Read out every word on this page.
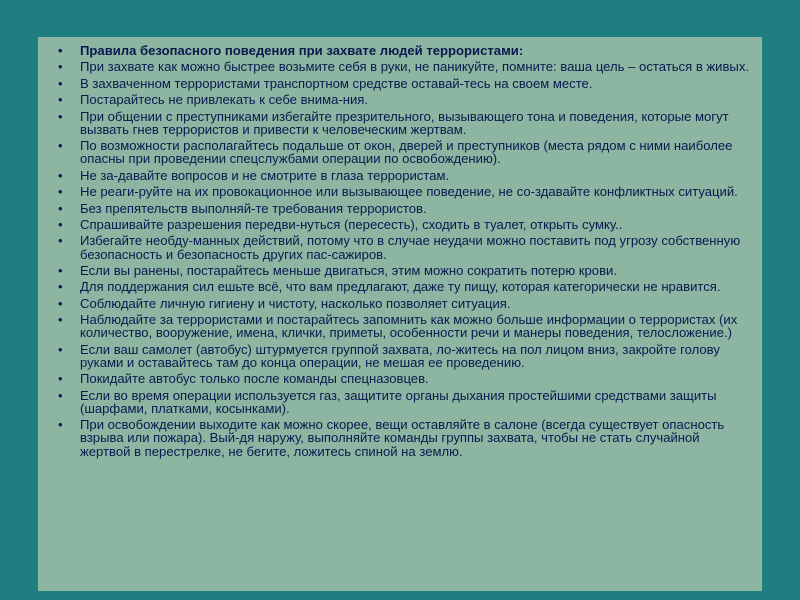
• Правила безопасного поведения при захвате людей террористами:
• При захвате как можно быстрее возьмите себя в руки, не паникуйте, помните: ваша цель – остаться в живых.
• В захваченном террористами транспортном средстве оставай-тесь на своем месте.
• Постарайтесь не привлекать к себе внима-ния.
• При общении с преступниками избегайте презрительного, вызывающего тона и поведения, которые могут вызвать гнев террористов и привести к человеческим жертвам.
• По возможности располагайтесь подальше от окон, дверей и преступников (места рядом с ними наиболее опасны при проведении спецслужбами операции по освобождению).
• Не за-давайте вопросов и не смотрите в глаза террористам.
• Не реаги-руйте на их провокационное или вызывающее поведение, не со-здавайте конфликтных ситуаций.
• Без препятельств выполняй-те требования террористов.
• Спрашивайте разрешения передви-нуться (пересесть), сходить в туалет, открыть сумку..
• Избегайте необду-манных действий, потому что в случае неудачи можно поставить под угрозу собственную безопасность и безопасность других пас-сажиров.
• Если вы ранены, постарайтесь меньше двигаться, этим можно сократить потерю крови.
• Для поддержания сил ешьте всё, что вам предлагают, даже ту пищу, которая категорически не нравится.
• Соблюдайте личную гигиену и чистоту, насколько позволяет ситуация.
• Наблюдайте за террористами и постарайтесь запомнить как можно больше информации о террористах (их количество, вооружение, имена, клички, приметы, особенности речи и манеры поведения, телосложение.)
• Если ваш самолет (автобус) штурмуется группой захвата, ло-житесь на пол лицом вниз, закройте голову руками и оставайтесь там до конца операции, не мешая ее проведению.
• Покидайте автобус только после команды спецназовцев.
• Если во время операции используется газ, защитите органы дыхания простейшими средствами защиты (шарфами, платками, косынками).
• При освобождении выходите как можно скорее, вещи оставляйте в салоне (всегда существует опасность взрыва или пожара). Вый-дя наружу, выполняйте команды группы захвата, чтобы не стать случайной жертвой в перестрелке, не бегите, ложитесь спиной на землю.
